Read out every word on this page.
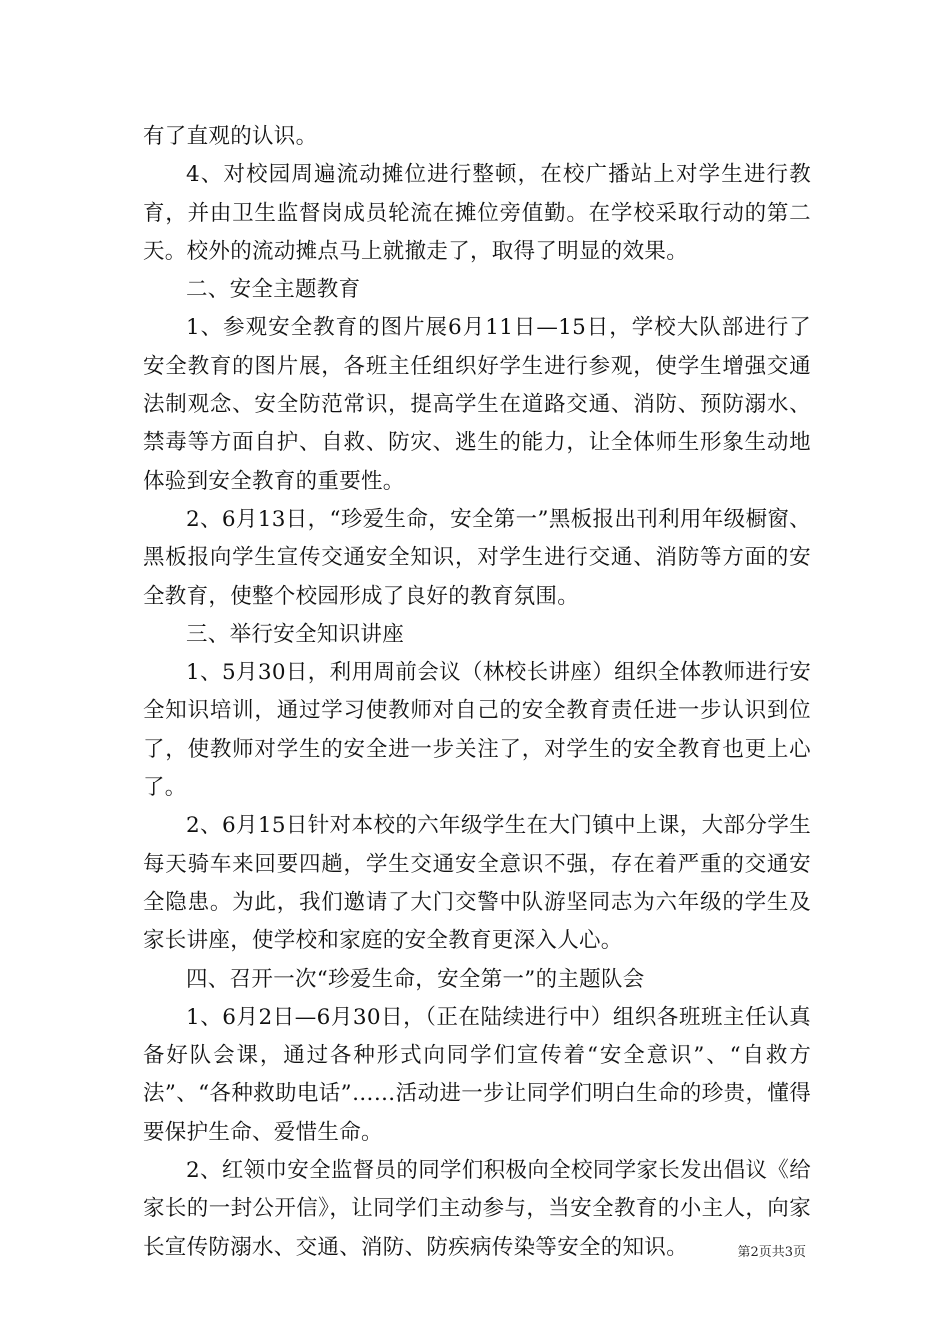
有了直观的认识。

4、对校园周遍流动摊位进行整顿，在校广播站上对学生进行教育，并由卫生监督岗成员轮流在摊位旁值勤。在学校采取行动的第二天。校外的流动摊点马上就撤走了，取得了明显的效果。

二、安全主题教育

1、参观安全教育的图片展6月11日—15日，学校大队部进行了安全教育的图片展，各班主任组织好学生进行参观，使学生增强交通法制观念、安全防范常识，提高学生在道路交通、消防、预防溺水、禁毒等方面自护、自救、防灾、逃生的能力，让全体师生形象生动地体验到安全教育的重要性。

2、6月13日，“珍爱生命，安全第一”黑板报出刊利用年级橱窗、黑板报向学生宣传交通安全知识，对学生进行交通、消防等方面的安全教育，使整个校园形成了良好的教育氛围。

三、举行安全知识讲座

1、5月30日，利用周前会议（林校长讲座）组织全体教师进行安全知识培训，通过学习使教师对自己的安全教育责任进一步认识到位了，使教师对学生的安全进一步关注了，对学生的安全教育也更上心了。

2、6月15日针对本校的六年级学生在大门镇中上课，大部分学生每天骑车来回要四趟，学生交通安全意识不强，存在着严重的交通安全隐患。为此，我们邀请了大门交警中队游坚同志为六年级的学生及家长讲座，使学校和家庭的安全教育更深入人心。

四、召开一次“珍爱生命，安全第一”的主题队会

1、6月2日—6月30日，（正在陆续进行中）组织各班班主任认真备好队会课，通过各种形式向同学们宣传着“安全意识”、“自救方法”、“各种救助电话”……活动进一步让同学们明白生命的珍贵，懂得要保护生命、爱惜生命。

2、红领巾安全监督员的同学们积极向全校同学家长发出倡议《给家长的一封公开信》，让同学们主动参与，当安全教育的小主人，向家长宣传防溺水、交通、消防、防疾病传染等安全的知识。	第2页共3页
